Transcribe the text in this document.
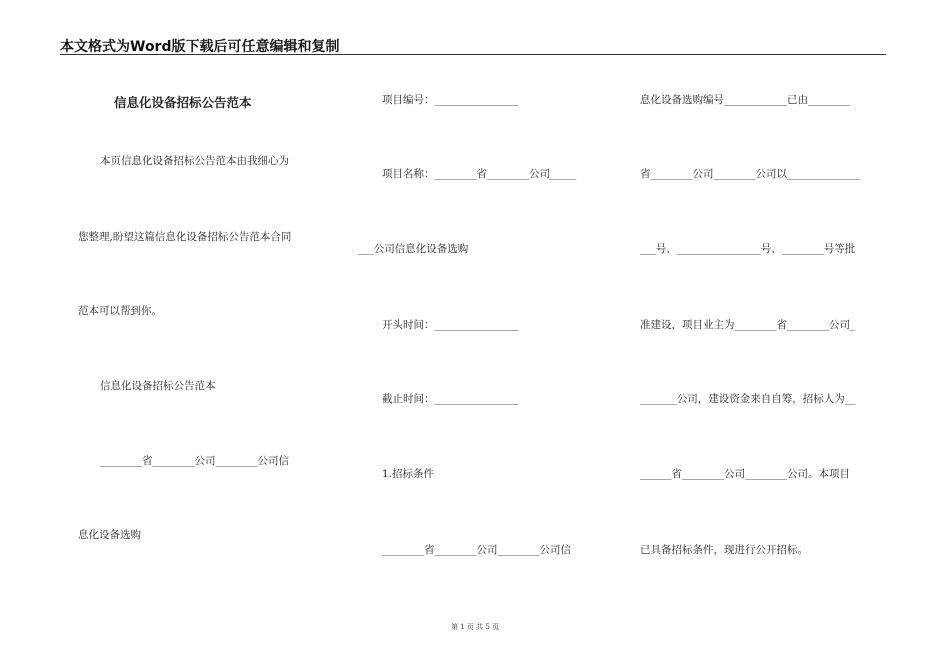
本文格式为Word版下载后可任意编辑和复制
信息化设备招标公告范本
本页信息化设备招标公告范本由我细心为
您整理,盼望这篇信息化设备招标公告范本合同
范本可以帮到你。
信息化设备招标公告范本
________省________公司________公司信
息化设备选购
项目编号：________________
项目名称：________省________公司_____
___公司信息化设备选购
开头时间：________________
截止时间：________________
1.招标条件
________省________公司________公司信
息化设备选购编号____________已由________
省________公司________公司以______________
___号、________________号、________号等批
准建设，项目业主为________省________公司_
_______公司，建设资金来自自筹，招标人为__
______省________公司________公司。本项目
已具备招标条件，现进行公开招标。
第 1 页 共 5 页
